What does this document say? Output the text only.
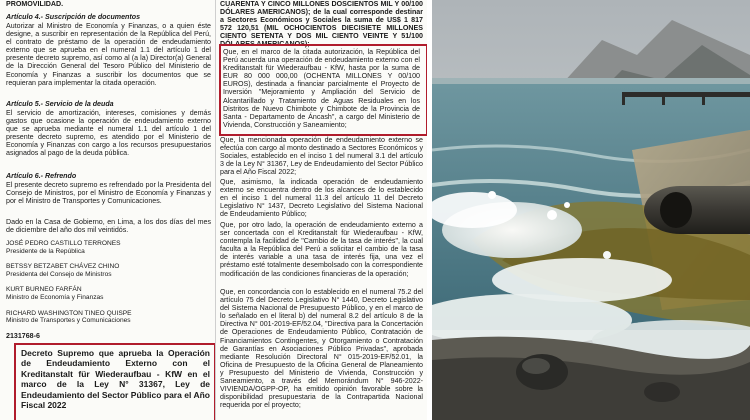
PROMOVILIDAD.
Artículo 4.- Suscripción de documentos
Autorizar al Ministro de Economía y Finanzas, o a quien éste designe, a suscribir en representación de la República del Perú, el contrato de préstamo de la operación de endeudamiento externo que se aprueba en el numeral 1.1 del artículo 1 del presente decreto supremo, así como al (a la) Director(a) General de la Dirección General del Tesoro Público del Ministerio de Economía y Finanzas a suscribir los documentos que se requieran para implementar la citada operación.
Artículo 5.- Servicio de la deuda
El servicio de amortización, intereses, comisiones y demás gastos que ocasione la operación de endeudamiento externo que se aprueba mediante el numeral 1.1 del artículo 1 del presente decreto supremo, es atendido por el Ministerio de Economía y Finanzas con cargo a los recursos presupuestarios asignados al pago de la deuda pública.
Artículo 6.- Refrendo
El presente decreto supremo es refrendado por la Presidenta del Consejo de Ministros, por el Ministro de Economía y Finanzas y por el Ministro de Transportes y Comunicaciones.
Dado en la Casa de Gobierno, en Lima, a los dos días del mes de diciembre del año dos mil veintidós.
JOSÉ PEDRO CASTILLO TERRONES
Presidente de la República
BETSSY BETZABET CHÁVEZ CHINO
Presidenta del Consejo de Ministros
KURT BURNEO FARFÁN
Ministro de Economía y Finanzas
RICHARD WASHINGTON TINEO QUISPE
Ministro de Transportes y Comunicaciones
2131768-6
Decreto Supremo que aprueba la Operación de Endeudamiento Externo con el Kreditanstalt für Wiederaufbau - KfW en el marco de la Ley N° 31367, Ley de Endeudamiento del Sector Público para el Año Fiscal 2022
CUARENTA Y CINCO MILLONES DOSCIENTOS MIL Y 00/100 DÓLARES AMERICANOS); de la cual corresponde destinar a Sectores Económicos y Sociales la suma de US$ 1 817 572 120,51 (MIL OCHOCIENTOS DIECISIETE MILLONES CIENTO SETENTA Y DOS MIL CIENTO VEINTE Y 51/100 DÓLARES AMERICANOS);
Que, en el marco de la citada autorización, la República del Perú acuerda una operación de endeudamiento externo con el Kreditanstalt für Wiederaufbau - KfW, hasta por la suma de EUR 80 000 000,00 (OCHENTA MILLONES Y 00/100 EUROS), destinada a financiar parcialmente el Proyecto de Inversión "Mejoramiento y Ampliación del Servicio de Alcantarillado y Tratamiento de Aguas Residuales en los Distritos de Nuevo Chimbote y Chimbote de la Provincia de Santa - Departamento de Áncash", a cargo del Ministerio de Vivienda, Construcción y Saneamiento;
Que, la mencionada operación de endeudamiento externo se efectúa con cargo al monto destinado a Sectores Económicos y Sociales, establecido en el inciso 1 del numeral 3.1 del artículo 3 de la Ley N° 31367, Ley de Endeudamiento del Sector Público para el Año Fiscal 2022;
Que, asimismo, la indicada operación de endeudamiento externo se encuentra dentro de los alcances de lo establecido en el inciso 1 del numeral 11.3 del artículo 11 del Decreto Legislativo N° 1437, Decreto Legislativo del Sistema Nacional de Endeudamiento Público;
Que, por otro lado, la operación de endeudamiento externo a ser concertada con el Kreditanstalt für Wiederaufbau - KfW, contempla la facilidad de "Cambio de la tasa de interés", la cual faculta a la República del Perú a solicitar el cambio de la tasa de interés variable a una tasa de interés fija, una vez el préstamo esté totalmente desembolsado con la correspondiente modificación de las condiciones financieras de la operación;
Que, en concordancia con lo establecido en el numeral 75.2 del artículo 75 del Decreto Legislativo N° 1440, Decreto Legislativo del Sistema Nacional de Presupuesto Público, y en el marco de lo señalado en el literal b) del numeral 8.2 del artículo 8 de la Directiva N° 001-2019-EF/52.04, "Directiva para la Concertación de Operaciones de Endeudamiento Público, Contratación de Financiamientos Contingentes, y Otorgamiento o Contratación de Garantías en Asociaciones Público Privadas", aprobada mediante Resolución Directoral N° 015-2019-EF/52.01, la Oficina de Presupuesto de la Oficina General de Planeamiento y Presupuesto del Ministerio de Vivienda, Construcción y Saneamiento, a través del Memorándum N° 946-2022-VIVIENDA/OGPP-OP, ha emitido opinión favorable sobre la disponibilidad presupuestaria de la Contrapartida Nacional requerida por el proyecto;
